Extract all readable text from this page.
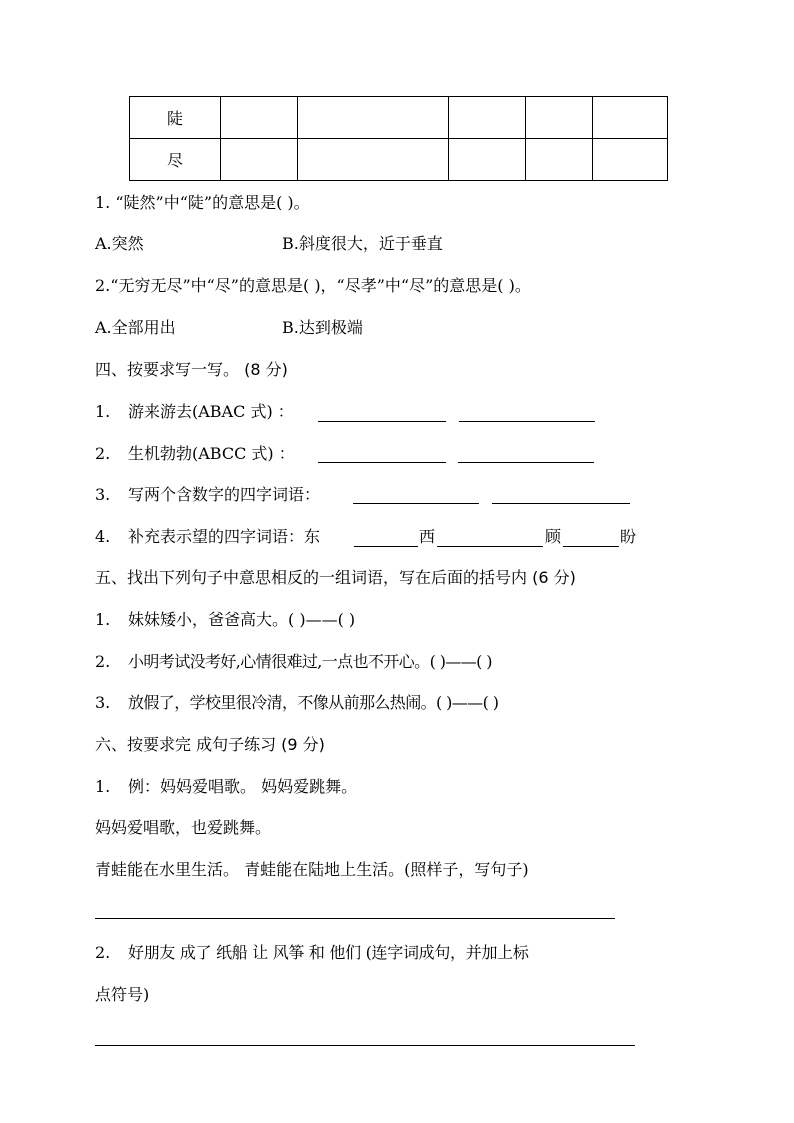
陡					
尽					
1. “陡然”中“陡”的意思是( )。
A.突然	B.斜度很大，近于垂直
2.“无穷无尽”中“尽”的意思是( )，“尽孝”中“尽”的意思是( )。
A.全部用出	B.达到极端
四、按要求写一写。 (8 分)
1. 游来游去(ABAC 式) ：
2. 生机勃勃(ABCC 式) ：
3. 写两个含数字的四字词语：
4. 补充表示望的四字词语：东	西	顾	盼
五、找出下列句子中意思相反的一组词语，写在后面的括号内 (6 分)
1. 妹妹矮小，爸爸高大。( )——( )
2. 小明考试没考好,心情很难过,一点也不开心。( )——( )
3. 放假了，学校里很冷清，不像从前那么热闹。( )——( )
六、按要求完 成句子练习 (9 分)
1. 例：妈妈爱唱歌。 妈妈爱跳舞。
妈妈爱唱歌，也爱跳舞。
青蛙能在水里生活。 青蛙能在陆地上生活。(照样子，写句子)
2. 好朋友 成了 纸船 让 风筝 和 他们 (连字词成句，并加上标
点符号)
